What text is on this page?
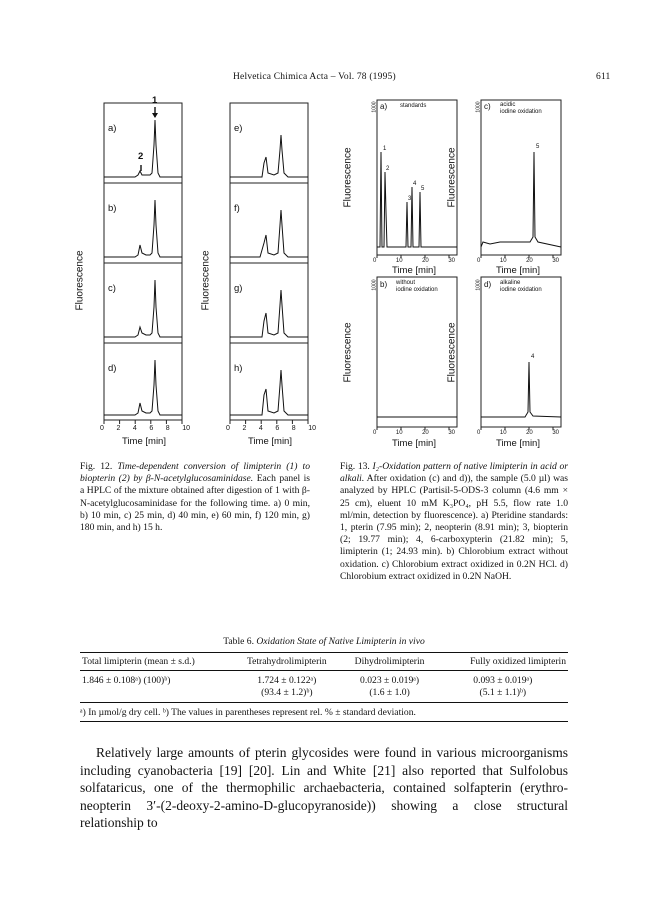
Helvetica Chimica Acta – Vol. 78 (1995)	611
1
2
a)
b)
c)
d)
e)
f)
g)
h)
Fluorescence	Fluorescence
0 2 4 6 8 10	0 2 4 6 8 10
Time [min]	Time [min]
a) standards	c) acidic
iodine oxidation
b) without
iodine oxidation
d) alkaline
iodine oxidation
1
2
3
4
5
5
4
1000	1000
1000	1000
Fluorescence	Fluorescence
Fluorescence	Fluorescence
0	10	20	30	0	10	20	30
Time [min]	Time [min]
0	10	20	30	0	10	20	30
Time [min]	Time [min]
Fig. 12. Time-dependent conversion of limipterin (1) to biopterin (2) by β-N-acetylglucosaminidase. Each panel is a HPLC of the mixture obtained after digestion of 1 with β-N-acetylglucosaminidase for the following time. a) 0 min, b) 10 min, c) 25 min, d) 40 min, e) 60 min, f) 120 min, g) 180 min, and h) 15 h.
Fig. 13. I₂-Oxidation pattern of native limipterin in acid or alkali. After oxidation (c) and d)), the sample (5.0 µl) was analyzed by HPLC (Partisil-5-ODS-3 column (4.6 mm × 25 cm), eluent 10 mM K₃PO₄, pH 5.5, flow rate 1.0 ml/min, detection by fluorescence). a) Pteridine standards: 1, pterin (7.95 min); 2, neopterin (8.91 min); 3, biopterin (2; 19.77 min); 4, 6-carboxypterin (21.82 min); 5, limipterin (1; 24.93 min). b) Chlorobium extract without oxidation. c) Chlorobium extract oxidized in 0.2N HCl. d) Chlorobium extract oxidized in 0.2N NaOH.
Table 6. Oxidation State of Native Limipterin in vivo
Total limipterin (mean ± s.d.)	Tetrahydrolimipterin	Dihydrolimipterin	Fully oxidized limipterin
1.846 ± 0.108ᵃ) (100)ᵇ)	1.724 ± 0.122ᵃ)	0.023 ± 0.019ᵃ)	0.093 ± 0.019ᵃ)
	(93.4 ± 1.2)ᵇ)	(1.6 ± 1.0)	(5.1 ± 1.1)ᵇ)
ᵃ) In µmol/g dry cell. ᵇ) The values in parentheses represent rel. % ± standard deviation.
Relatively large amounts of pterin glycosides were found in various microorganisms including cyanobacteria [19] [20]. Lin and White [21] also reported that Sulfolobus solfataricus, one of the thermophilic archaebacteria, contained solfapterin (erythro-neopterin 3′-(2-deoxy-2-amino-D-glucopyranoside)) showing a close structural relationship to
